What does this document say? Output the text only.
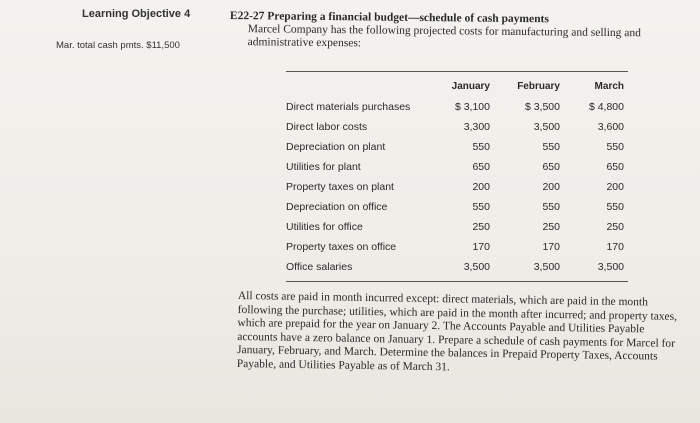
Learning Objective 4
Mar. total cash pmts. $11,500
E22-27 Preparing a financial budget—schedule of cash payments
Marcel Company has the following projected costs for manufacturing and selling and administrative expenses:
	January	February	March
Direct materials purchases	$ 3,100	$ 3,500	$ 4,800
Direct labor costs	3,300	3,500	3,600
Depreciation on plant	550	550	550
Utilities for plant	650	650	650
Property taxes on plant	200	200	200
Depreciation on office	550	550	550
Utilities for office	250	250	250
Property taxes on office	170	170	170
Office salaries	3,500	3,500	3,500
All costs are paid in month incurred except: direct materials, which are paid in the month following the purchase; utilities, which are paid in the month after incurred; and property taxes, which are prepaid for the year on January 2. The Accounts Payable and Utilities Payable accounts have a zero balance on January 1. Prepare a schedule of cash payments for Marcel for January, February, and March. Determine the balances in Prepaid Property Taxes, Accounts Payable, and Utilities Payable as of March 31.
